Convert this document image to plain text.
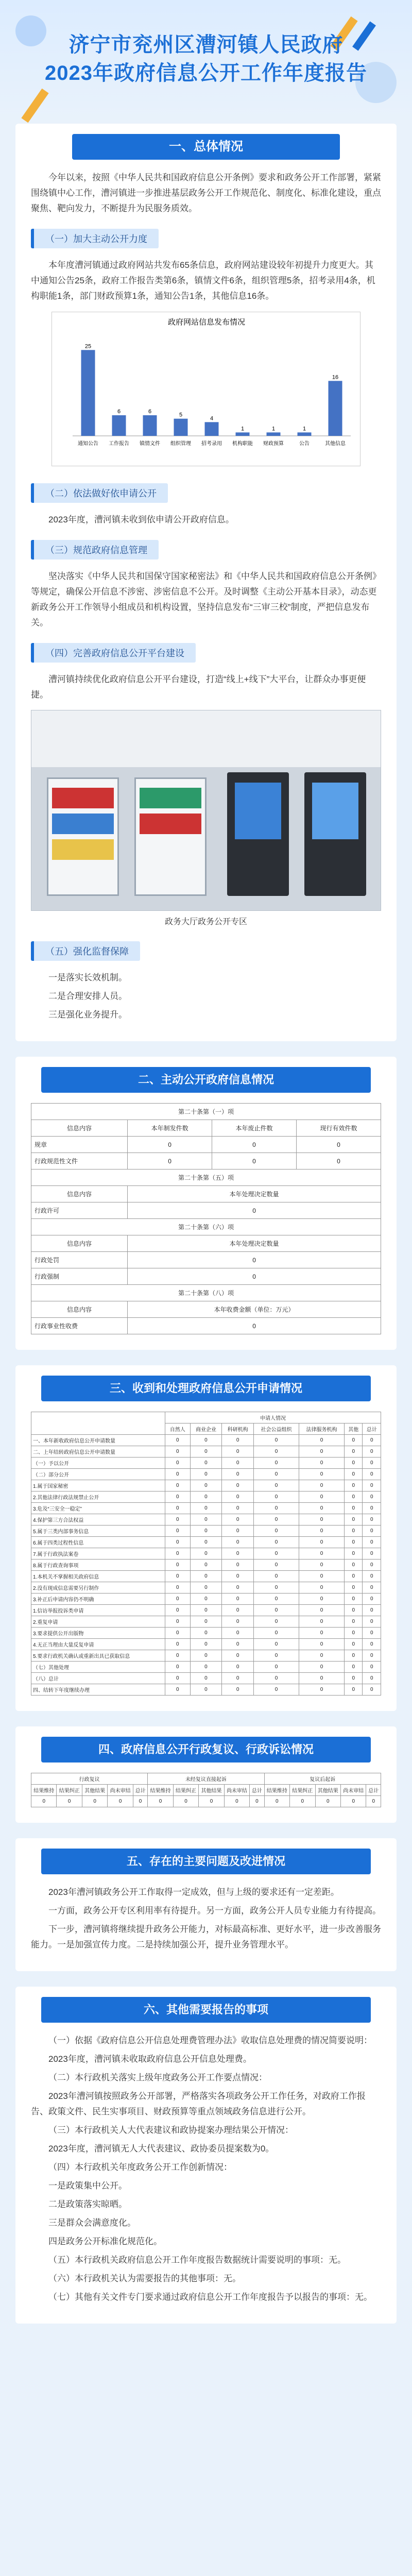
济宁市兖州区漕河镇人民政府
2023年政府信息公开工作年度报告
一、总体情况

今年以来，按照《中华人民共和国政府信息公开条例》要求和政务公开工作部署，紧紧围绕镇中心工作，漕河镇进一步推进基层政务公开工作规范化、制度化、标准化建设，重点聚焦、靶向发力，不断提升为民服务质效。

（一）加大主动公开力度

本年度漕河镇通过政府网站共发布65条信息，政府网站建设较年初提升力度更大。其中通知公告25条，政府工作报告类第6条，镇情文件6条，组织管理5条，招考录用4条，机构职能1条，部门财政预算1条，通知公告1条，其他信息16条。

政府网站信息发布情况
25
通知公告
6
工作报告
6
镇情文件
5
组织管理
4
招考录用
1
机构职能
1
财政预算
1
公告
16
其他信息
（二）依法做好依申请公开

2023年度，漕河镇未收到依申请公开政府信息。

（三）规范政府信息管理

坚决落实《中华人民共和国保守国家秘密法》和《中华人民共和国政府信息公开条例》等规定，确保公开信息不涉密、涉密信息不公开。及时调整《主动公开基本目录》，动态更新政务公开工作领导小组成员和机构设置，坚持信息发布“三审三校”制度，严把信息发布关。

（四）完善政府信息公开平台建设

漕河镇持续优化政府信息公开平台建设，打造“线上+线下”大平台，让群众办事更便捷。

政务大厅政务公开专区
（五）强化监督保障

一是落实长效机制。

二是合理安排人员。

三是强化业务提升。

二、主动公开政府信息情况
第二十条第（一）项			
信息内容	本年制发件数	本年废止件数	现行有效件数
规章	0	0	0
行政规范性文件	0	0	0
第二十条第（五）项			
信息内容	本年处理决定数量		
行政许可	0		
第二十条第（六）项			
信息内容	本年处理决定数量		
行政处罚	0		
行政强制	0		
第二十条第（八）项			
信息内容	本年收费金额（单位：万元）		
行政事业性收费	0		
三、收到和处理政府信息公开申请情况
	申请人情况						
	自然人	商业企业	科研机构	社会公益组织	法律服务机构	其他	总计
一、本年新收政府信息公开申请数量	0	0	0	0	0	0	0
二、上年结转政府信息公开申请数量	0	0	0	0	0	0	0
（一）予以公开	0	0	0	0	0	0	0
（二）部分公开	0	0	0	0	0	0	0
1.属于国家秘密	0	0	0	0	0	0	0
2.其他法律行政法规禁止公开	0	0	0	0	0	0	0
3.危及“三安全一稳定”	0	0	0	0	0	0	0
4.保护第三方合法权益	0	0	0	0	0	0	0
5.属于三类内部事务信息	0	0	0	0	0	0	0
6.属于四类过程性信息	0	0	0	0	0	0	0
7.属于行政执法案卷	0	0	0	0	0	0	0
8.属于行政查询事项	0	0	0	0	0	0	0
1.本机关不掌握相关政府信息	0	0	0	0	0	0	0
2.没有现成信息需要另行制作	0	0	0	0	0	0	0
3.补正后申请内容仍不明确	0	0	0	0	0	0	0
1.信访举报投诉类申请	0	0	0	0	0	0	0
2.重复申请	0	0	0	0	0	0	0
3.要求提供公开出版物	0	0	0	0	0	0	0
4.无正当理由大量反复申请	0	0	0	0	0	0	0
5.要求行政机关确认或重新出具已获取信息	0	0	0	0	0	0	0
（七）其他处理	0	0	0	0	0	0	0
（八）总计	0	0	0	0	0	0	0
四、结转下年度继续办理	0	0	0	0	0	0	0
四、政府信息公开行政复议、行政诉讼情况
行政复议					未经复议直接起诉					复议后起诉				
结果维持	结果纠正	其他结果	尚未审结	总计	结果维持	结果纠正	其他结果	尚未审结	总计	结果维持	结果纠正	其他结果	尚未审结	总计
0	0	0	0	0	0	0	0	0	0	0	0	0	0	0
五、存在的主要问题及改进情况

2023年漕河镇政务公开工作取得一定成效，但与上级的要求还有一定差距。

一方面，政务公开专区利用率有待提升。另一方面，政务公开人员专业能力有待提高。

下一步，漕河镇将继续提升政务公开能力，对标最高标准、更好水平，进一步改善服务能力。一是加强宣传力度。二是持续加强公开，提升业务管理水平。

六、其他需要报告的事项

（一）依据《政府信息公开信息处理费管理办法》收取信息处理费的情况简要说明：

2023年度，漕河镇未收取政府信息公开信息处理费。

（二）本行政机关落实上级年度政务公开工作要点情况：

2023年漕河镇按照政务公开部署，严格落实各项政务公开工作任务，对政府工作报告、政策文件、民生实事项目、财政预算等重点领域政务信息进行公开。

（三）本行政机关人大代表建议和政协提案办理结果公开情况：

2023年度，漕河镇无人大代表建议、政协委员提案数为0。

（四）本行政机关年度政务公开工作创新情况：

一是政策集中公开。

二是政策落实晾晒。

三是群众会满意度化。

四是政务公开标准化规范化。

（五）本行政机关政府信息公开工作年度报告数据统计需要说明的事项：无。

（六）本行政机关认为需要报告的其他事项：无。

（七）其他有关文件专门要求通过政府信息公开工作年度报告予以报告的事项：无。
